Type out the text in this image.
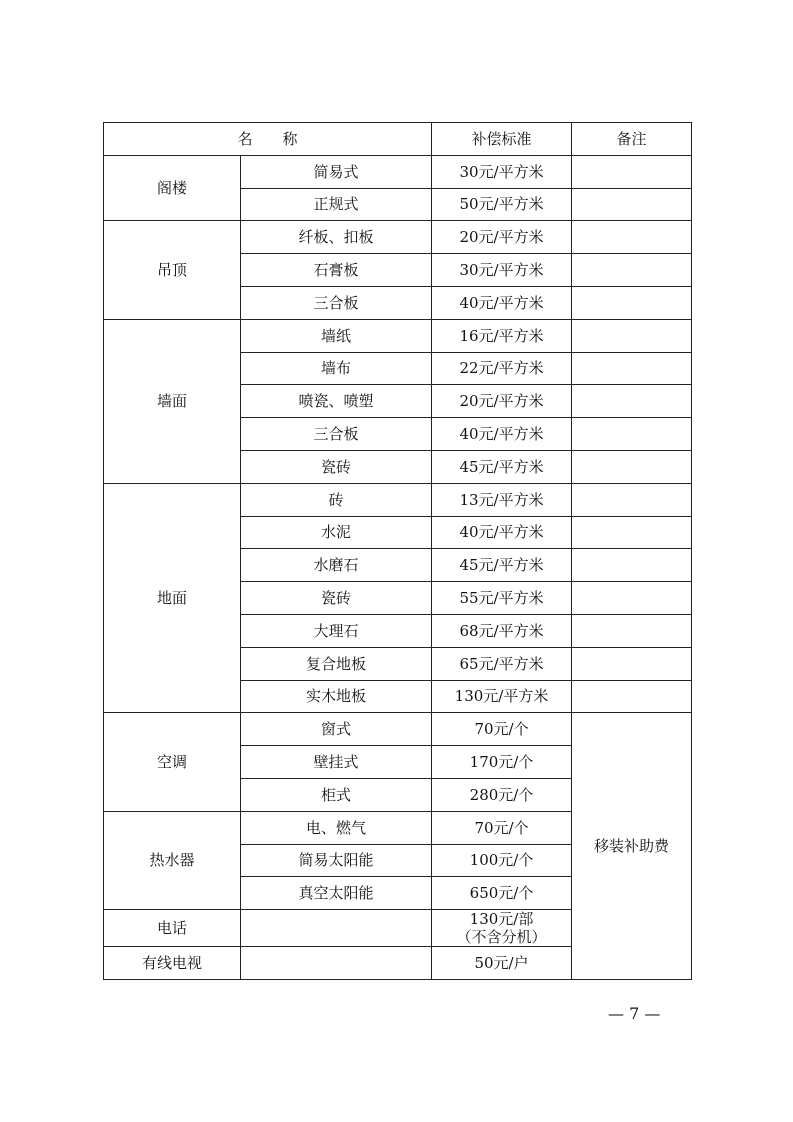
名　　称		补偿标准	备注
阁楼	简易式	30元/平方米	
	正规式	50元/平方米	
吊顶	纤板、扣板	20元/平方米	
	石膏板	30元/平方米	
	三合板	40元/平方米	
墙面	墙纸	16元/平方米	
	墙布	22元/平方米	
	喷瓷、喷塑	20元/平方米	
	三合板	40元/平方米	
	瓷砖	45元/平方米	
地面	砖	13元/平方米	
	水泥	40元/平方米	
	水磨石	45元/平方米	
	瓷砖	55元/平方米	
	大理石	68元/平方米	
	复合地板	65元/平方米	
	实木地板	130元/平方米	
空调	窗式	70元/个	移装补助费
	壁挂式	170元/个	
	柜式	280元/个	
热水器	电、燃气	70元/个	
	简易太阳能	100元/个	
	真空太阳能	650元/个	
电话		130元/部
（不含分机）	

有线电视		50元/户	
— 7 —
